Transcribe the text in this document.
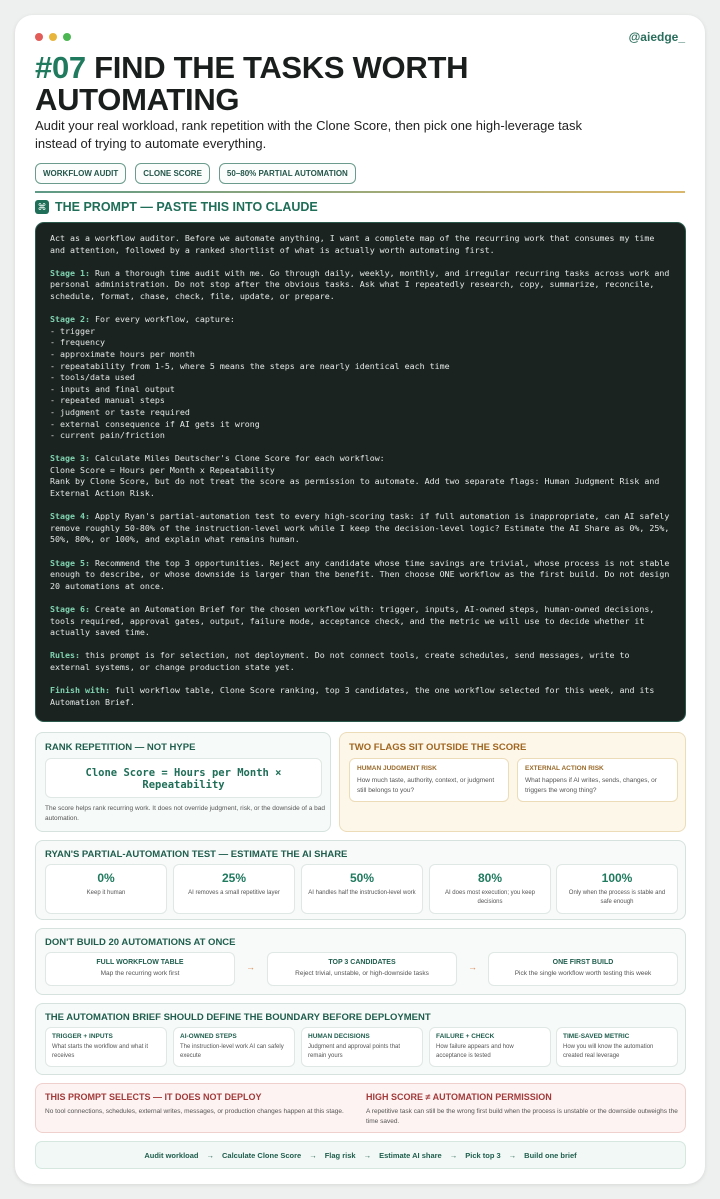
@aiedge_
#07 FIND THE TASKS WORTH AUTOMATING
Audit your real workload, rank repetition with the Clone Score, then pick one high-leverage task instead of trying to automate everything.
WORKFLOW AUDIT	CLONE SCORE	50–80% PARTIAL AUTOMATION
⌘ THE PROMPT — PASTE THIS INTO CLAUDE

Act as a workflow auditor. Before we automate anything, I want a complete map of the recurring work that consumes my time and attention, followed by a ranked shortlist of what is actually worth automating first.

Stage 1: Run a thorough time audit with me. Go through daily, weekly, monthly, and irregular recurring tasks across work and personal administration. Do not stop after the obvious tasks. Ask what I repeatedly research, copy, summarize, reconcile, schedule, format, chase, check, file, update, or prepare.

Stage 2: For every workflow, capture:
- trigger
- frequency
- approximate hours per month
- repeatability from 1-5, where 5 means the steps are nearly identical each time
- tools/data used
- inputs and final output
- repeated manual steps
- judgment or taste required
- external consequence if AI gets it wrong
- current pain/friction

Stage 3: Calculate Miles Deutscher's Clone Score for each workflow:
Clone Score = Hours per Month x Repeatability
Rank by Clone Score, but do not treat the score as permission to automate. Add two separate flags: Human Judgment Risk and External Action Risk.

Stage 4: Apply Ryan's partial-automation test to every high-scoring task: if full automation is inappropriate, can AI safely remove roughly 50-80% of the instruction-level work while I keep the decision-level logic? Estimate the AI Share as 0%, 25%, 50%, 80%, or 100%, and explain what remains human.

Stage 5: Recommend the top 3 opportunities. Reject any candidate whose time savings are trivial, whose process is not stable enough to describe, or whose downside is larger than the benefit. Then choose ONE workflow as the first build. Do not design 20 automations at once.

Stage 6: Create an Automation Brief for the chosen workflow with: trigger, inputs, AI-owned steps, human-owned decisions, tools required, approval gates, output, failure mode, acceptance check, and the metric we will use to decide whether it actually saved time.

Rules: this prompt is for selection, not deployment. Do not connect tools, create schedules, send messages, write to external systems, or change production state yet.

Finish with: full workflow table, Clone Score ranking, top 3 candidates, the one workflow selected for this week, and its Automation Brief.

RANK REPETITION — NOT HYPE
Clone Score = Hours per Month × Repeatability
The score helps rank recurring work. It does not override judgment, risk, or the downside of a bad automation.
TWO FLAGS SIT OUTSIDE THE SCORE
HUMAN JUDGMENT RISK
How much taste, authority, context, or judgment still belongs to you?
EXTERNAL ACTION RISK
What happens if AI writes, sends, changes, or triggers the wrong thing?
RYAN'S PARTIAL-AUTOMATION TEST — ESTIMATE THE AI SHARE
0%
Keep it human
25%
AI removes a small repetitive layer
50%
AI handles half the instruction-level work
80%
AI does most execution; you keep decisions
100%
Only when the process is stable and safe enough
DON'T BUILD 20 AUTOMATIONS AT ONCE
FULL WORKFLOW TABLE
Map the recurring work first
→	TOP 3 CANDIDATES
Reject trivial, unstable, or high-downside tasks
→	ONE FIRST BUILD
Pick the single workflow worth testing this week
THE AUTOMATION BRIEF SHOULD DEFINE THE BOUNDARY BEFORE DEPLOYMENT
TRIGGER + INPUTS
What starts the workflow and what it receives
AI-OWNED STEPS
The instruction-level work AI can safely execute
HUMAN DECISIONS
Judgment and approval points that remain yours
FAILURE + CHECK
How failure appears and how acceptance is tested
TIME-SAVED METRIC
How you will know the automation created real leverage
THIS PROMPT SELECTS — IT DOES NOT DEPLOY
No tool connections, schedules, external writes, messages, or production changes happen at this stage.
HIGH SCORE ≠ AUTOMATION PERMISSION
A repetitive task can still be the wrong first build when the process is unstable or the downside outweighs the time saved.
Audit workload → Calculate Clone Score → Flag risk → Estimate AI share → Pick top 3 → Build one brief
